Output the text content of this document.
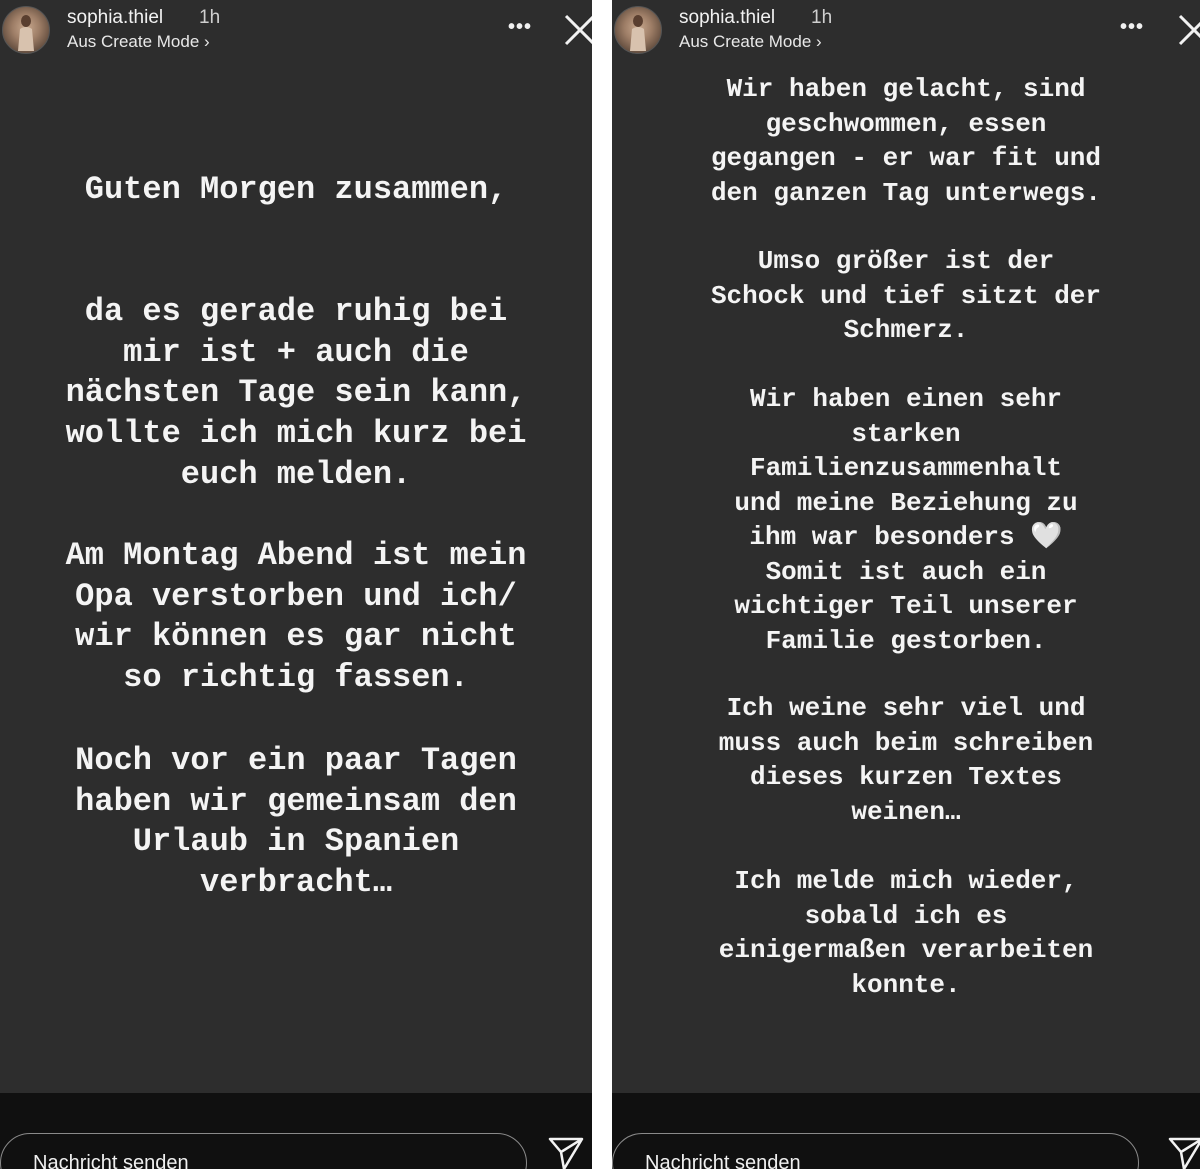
sophia.thiel 1h
Aus Create Mode ›
•••
Guten Morgen zusammen,
da es gerade ruhig bei
mir ist + auch die
nächsten Tage sein kann,
wollte ich mich kurz bei
euch melden.
Am Montag Abend ist mein
Opa verstorben und ich/
wir können es gar nicht
so richtig fassen.
Noch vor ein paar Tagen
haben wir gemeinsam den
Urlaub in Spanien
verbracht…
Nachricht senden
sophia.thiel 1h
Aus Create Mode ›
•••
Wir haben gelacht, sind
geschwommen, essen
gegangen - er war fit und
den ganzen Tag unterwegs.
Umso größer ist der
Schock und tief sitzt der
Schmerz.
Wir haben einen sehr
starken
Familienzusammenhalt
und meine Beziehung zu
ihm war besonders 🤍
Somit ist auch ein
wichtiger Teil unserer
Familie gestorben.
Ich weine sehr viel und
muss auch beim schreiben
dieses kurzen Textes
weinen…
Ich melde mich wieder,
sobald ich es
einigermaßen verarbeiten
konnte.
Nachricht senden
